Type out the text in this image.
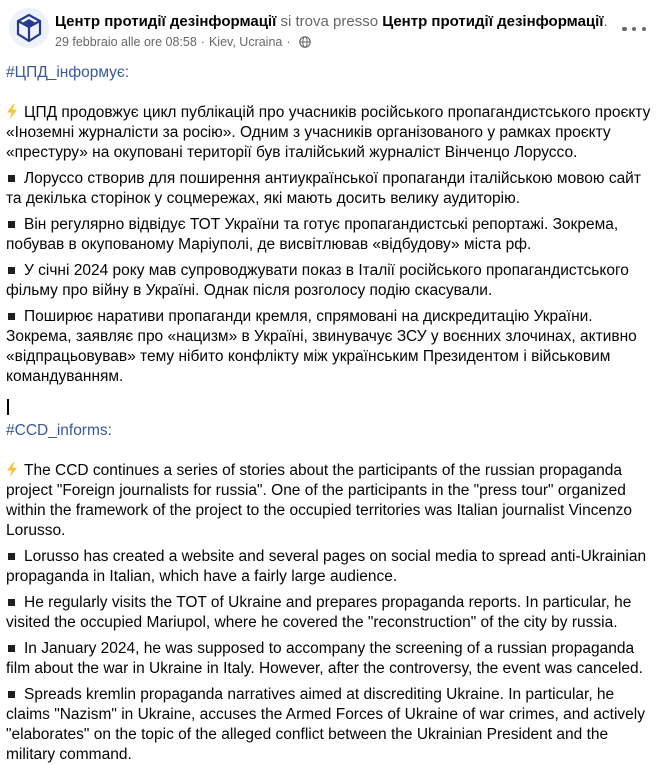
Центр протидії дезінформації si trova presso Центр протидії дезінформації.
29 febbraio alle ore 08:58 · Kiev, Ucraina ·

#ЦПД_інформує:

ЦПД продовжує цикл публікацій про учасників російського пропагандистського проєкту «Іноземні журналісти за росію». Одним з учасників організованого у рамках проєкту «престуру» на окуповані території був італійський журналіст Вінченцо Лоруссо.

Лоруссо створив для поширення антиукраїнської пропаганди італійською мовою сайт та декілька сторінок у соцмережах, які мають досить велику аудиторію.

Він регулярно відвідує ТОТ України та готує пропагандистські репортажі. Зокрема, побував в окупованому Маріуполі, де висвітлював «відбудову» міста рф.

У січні 2024 року мав супроводжувати показ в Італії російського пропагандистського фільму про війну в Україні. Однак після розголосу подію скасували.

Поширює наративи пропаганди кремля, спрямовані на дискредитацію України. Зокрема, заявляє про «нацизм» в Україні, звинувачує ЗСУ у воєнних злочинах, активно «відпрацьовував» тему нібито конфлікту між українським Президентом і військовим командуванням.

#CCD_informs:

The CCD continues a series of stories about the participants of the russian propaganda project "Foreign journalists for russia". One of the participants in the "press tour" organized within the framework of the project to the occupied territories was Italian journalist Vincenzo Lorusso.

Lorusso has created a website and several pages on social media to spread anti-Ukrainian propaganda in Italian, which have a fairly large audience.

He regularly visits the TOT of Ukraine and prepares propaganda reports. In particular, he visited the occupied Mariupol, where he covered the "reconstruction" of the city by russia.

In January 2024, he was supposed to accompany the screening of a russian propaganda film about the war in Ukraine in Italy. However, after the controversy, the event was canceled.

Spreads kremlin propaganda narratives aimed at discrediting Ukraine. In particular, he claims "Nazism" in Ukraine, accuses the Armed Forces of Ukraine of war crimes, and actively "elaborates" on the topic of the alleged conflict between the Ukrainian President and the military command.
